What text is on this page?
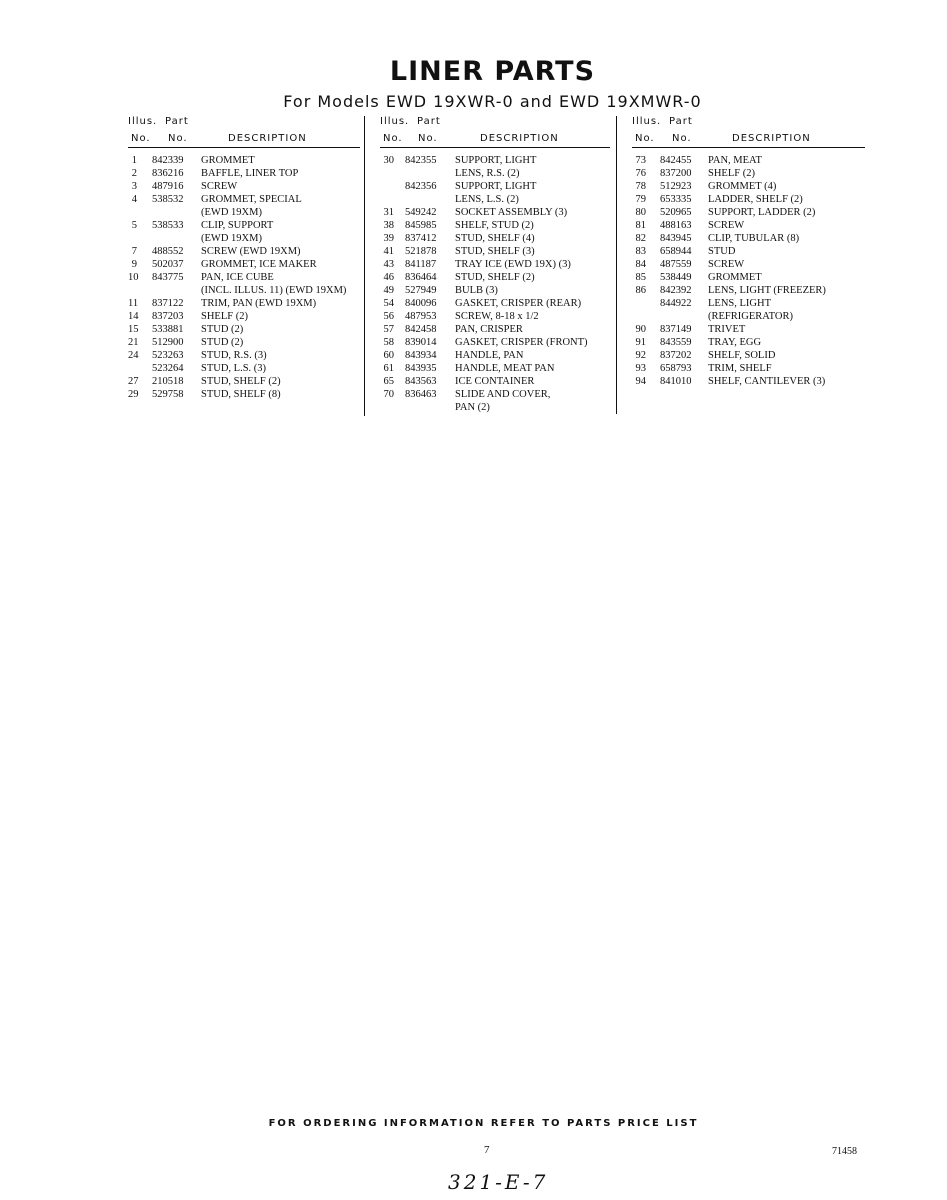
LINER PARTS
For Models EWD 19XWR-0 and EWD 19XMWR-0
Illus. Part
No. No.	DESCRIPTION
1 842339 GROMMET
2 836216 BAFFLE, LINER TOP
3 487916 SCREW
4 538532 GROMMET, SPECIAL
(EWD 19XM)
5 538533 CLIP, SUPPORT
(EWD 19XM)
7 488552 SCREW (EWD 19XM)
9 502037 GROMMET, ICE MAKER
10 843775 PAN, ICE CUBE
(INCL. ILLUS. 11) (EWD 19XM)
11 837122 TRIM, PAN (EWD 19XM)
14 837203 SHELF (2)
15 533881 STUD (2)
21 512900 STUD (2)
24 523263 STUD, R.S. (3)
523264 STUD, L.S. (3)
27 210518 STUD, SHELF (2)
29 529758 STUD, SHELF (8)
Illus. Part
No. No.	DESCRIPTION
30 842355 SUPPORT, LIGHT
LENS, R.S. (2)
842356 SUPPORT, LIGHT
LENS, L.S. (2)
31 549242 SOCKET ASSEMBLY (3)
38 845985 SHELF, STUD (2)
39 837412 STUD, SHELF (4)
41 521878 STUD, SHELF (3)
43 841187 TRAY ICE (EWD 19X) (3)
46 836464 STUD, SHELF (2)
49 527949 BULB (3)
54 840096 GASKET, CRISPER (REAR)
56 487953 SCREW, 8-18 x 1/2
57 842458 PAN, CRISPER
58 839014 GASKET, CRISPER (FRONT)
60 843934 HANDLE, PAN
61 843935 HANDLE, MEAT PAN
65 843563 ICE CONTAINER
70 836463 SLIDE AND COVER,
PAN (2)
Illus. Part
No. No.	DESCRIPTION
73 842455 PAN, MEAT
76 837200 SHELF (2)
78 512923 GROMMET (4)
79 653335 LADDER, SHELF (2)
80 520965 SUPPORT, LADDER (2)
81 488163 SCREW
82 843945 CLIP, TUBULAR (8)
83 658944 STUD
84 487559 SCREW
85 538449 GROMMET
86 842392 LENS, LIGHT (FREEZER)
844922 LENS, LIGHT
(REFRIGERATOR)
90 837149 TRIVET
91 843559 TRAY, EGG
92 837202 SHELF, SOLID
93 658793 TRIM, SHELF
94 841010 SHELF, CANTILEVER (3)
FOR ORDERING INFORMATION REFER TO PARTS PRICE LIST
7	71458
321-E-7
